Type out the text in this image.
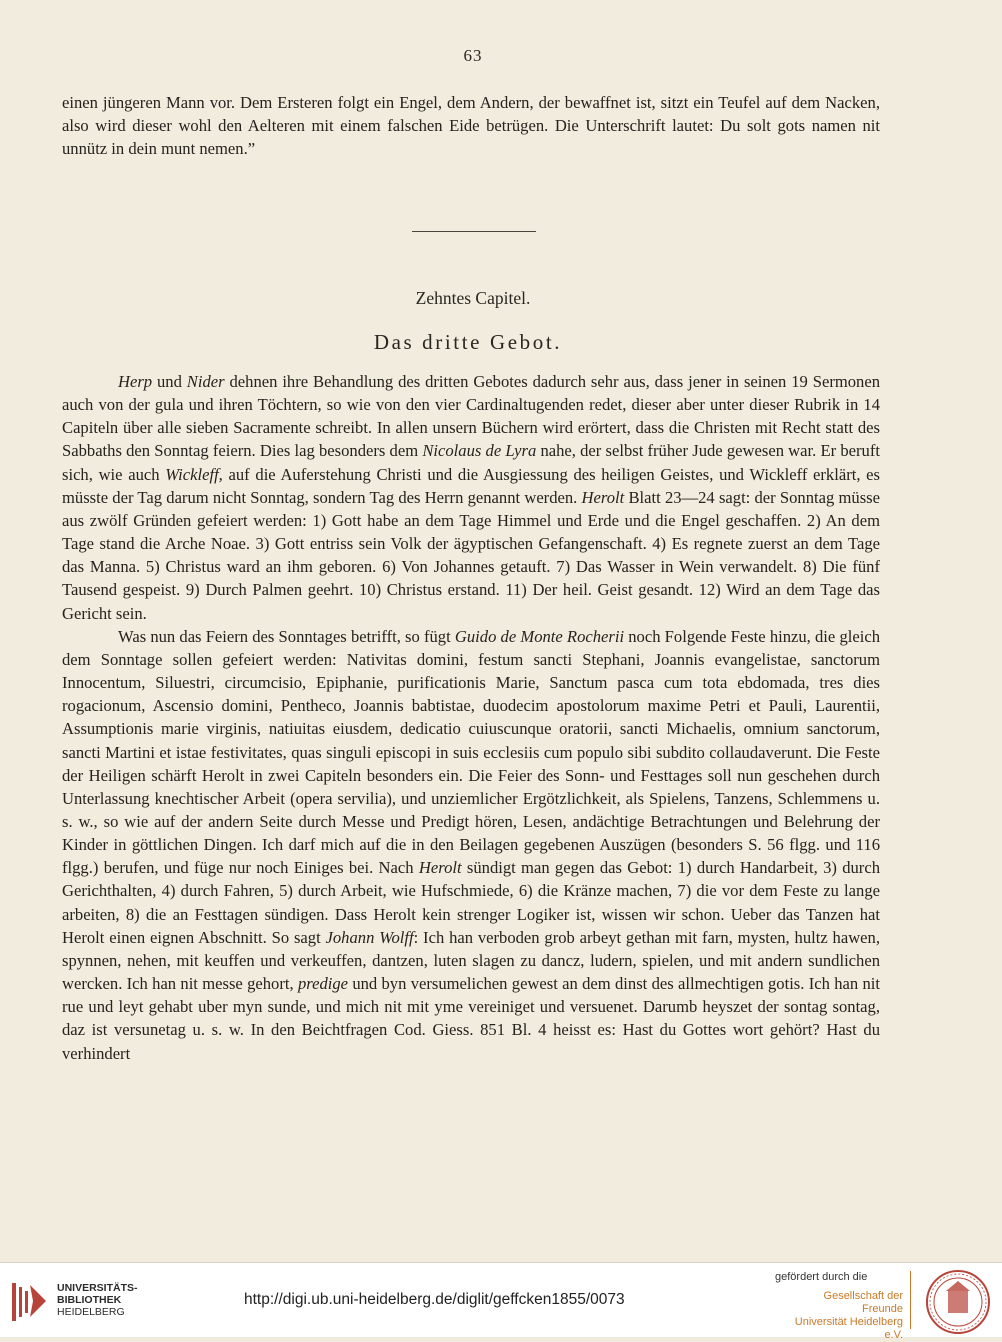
63

einen jüngeren Mann vor. Dem Ersteren folgt ein Engel, dem Andern, der bewaffnet ist, sitzt ein Teufel auf dem Nacken, also wird dieser wohl den Aelteren mit einem falschen Eide betrügen. Die Unterschrift lautet: Du solt gots namen nit unnütz in dein munt nemen.”

Zehntes Capitel.
Das dritte Gebot.

Herp und Nider dehnen ihre Behandlung des dritten Gebotes dadurch sehr aus, dass jener in seinen 19 Sermonen auch von der gula und ihren Töchtern, so wie von den vier Cardinaltugenden redet, dieser aber unter dieser Rubrik in 14 Capiteln über alle sieben Sacramente schreibt. In allen unsern Büchern wird erörtert, dass die Christen mit Recht statt des Sabbaths den Sonntag feiern. Dies lag besonders dem Nicolaus de Lyra nahe, der selbst früher Jude gewesen war. Er beruft sich, wie auch Wickleff, auf die Auferstehung Christi und die Ausgiessung des heiligen Geistes, und Wickleff erklärt, es müsste der Tag darum nicht Sonntag, sondern Tag des Herrn genannt werden. Herolt Blatt 23—24 sagt: der Sonntag müsse aus zwölf Gründen gefeiert werden: 1) Gott habe an dem Tage Himmel und Erde und die Engel geschaffen. 2) An dem Tage stand die Arche Noae. 3) Gott entriss sein Volk der ägyptischen Gefangenschaft. 4) Es regnete zuerst an dem Tage das Manna. 5) Christus ward an ihm geboren. 6) Von Johannes getauft. 7) Das Wasser in Wein verwandelt. 8) Die fünf Tausend gespeist. 9) Durch Palmen geehrt. 10) Christus erstand. 11) Der heil. Geist gesandt. 12) Wird an dem Tage das Gericht sein.

Was nun das Feiern des Sonntages betrifft, so fügt Guido de Monte Rocherii noch Folgende Feste hinzu, die gleich dem Sonntage sollen gefeiert werden: Nativitas domini, festum sancti Stephani, Joannis evangelistae, sanctorum Innocentum, Siluestri, circumcisio, Epiphanie, purificationis Marie, Sanctum pasca cum tota ebdomada, tres dies rogacionum, Ascensio domini, Pentheco, Joannis babtistae, duodecim apostolorum maxime Petri et Pauli, Laurentii, Assumptionis marie virginis, natiuitas eiusdem, dedicatio cuiuscunque oratorii, sancti Michaelis, omnium sanctorum, sancti Martini et istae festivitates, quas singuli episcopi in suis ecclesiis cum populo sibi subdito collaudaverunt. Die Feste der Heiligen schärft Herolt in zwei Capiteln besonders ein. Die Feier des Sonn- und Festtages soll nun geschehen durch Unterlassung knechtischer Arbeit (opera servilia), und unziemlicher Ergötzlichkeit, als Spielens, Tanzens, Schlemmens u. s. w., so wie auf der andern Seite durch Messe und Predigt hören, Lesen, andächtige Betrachtungen und Belehrung der Kinder in göttlichen Dingen. Ich darf mich auf die in den Beilagen gegebenen Auszügen (besonders S. 56 flgg. und 116 flgg.) berufen, und füge nur noch Einiges bei. Nach Herolt sündigt man gegen das Gebot: 1) durch Handarbeit, 3) durch Gerichthalten, 4) durch Fahren, 5) durch Arbeit, wie Hufschmiede, 6) die Kränze machen, 7) die vor dem Feste zu lange arbeiten, 8) die an Festtagen sündigen. Dass Herolt kein strenger Logiker ist, wissen wir schon. Ueber das Tanzen hat Herolt einen eignen Abschnitt. So sagt Johann Wolff: Ich han verboden grob arbeyt gethan mit farn, mysten, hultz hawen, spynnen, nehen, mit keuffen und verkeuffen, dantzen, luten slagen zu dancz, ludern, spielen, und mit andern sundlichen wercken. Ich han nit messe gehort, predige und byn versumelichen gewest an dem dinst des allmechtigen gotis. Ich han nit rue und leyt gehabt uber myn sunde, und mich nit mit yme vereiniget und versuenet. Darumb heyszet der sontag sontag, daz ist versunetag u. s. w. In den Beichtfragen Cod. Giess. 851 Bl. 4 heisst es: Hast du Gottes wort gehört? Hast du verhindert

UNIVERSITÄTS-
BIBLIOTHEK
HEIDELBERG
http://digi.ub.uni-heidelberg.de/diglit/geffcken1855/0073
gefördert durch die
Gesellschaft der Freunde
Universität Heidelberg e.V.
